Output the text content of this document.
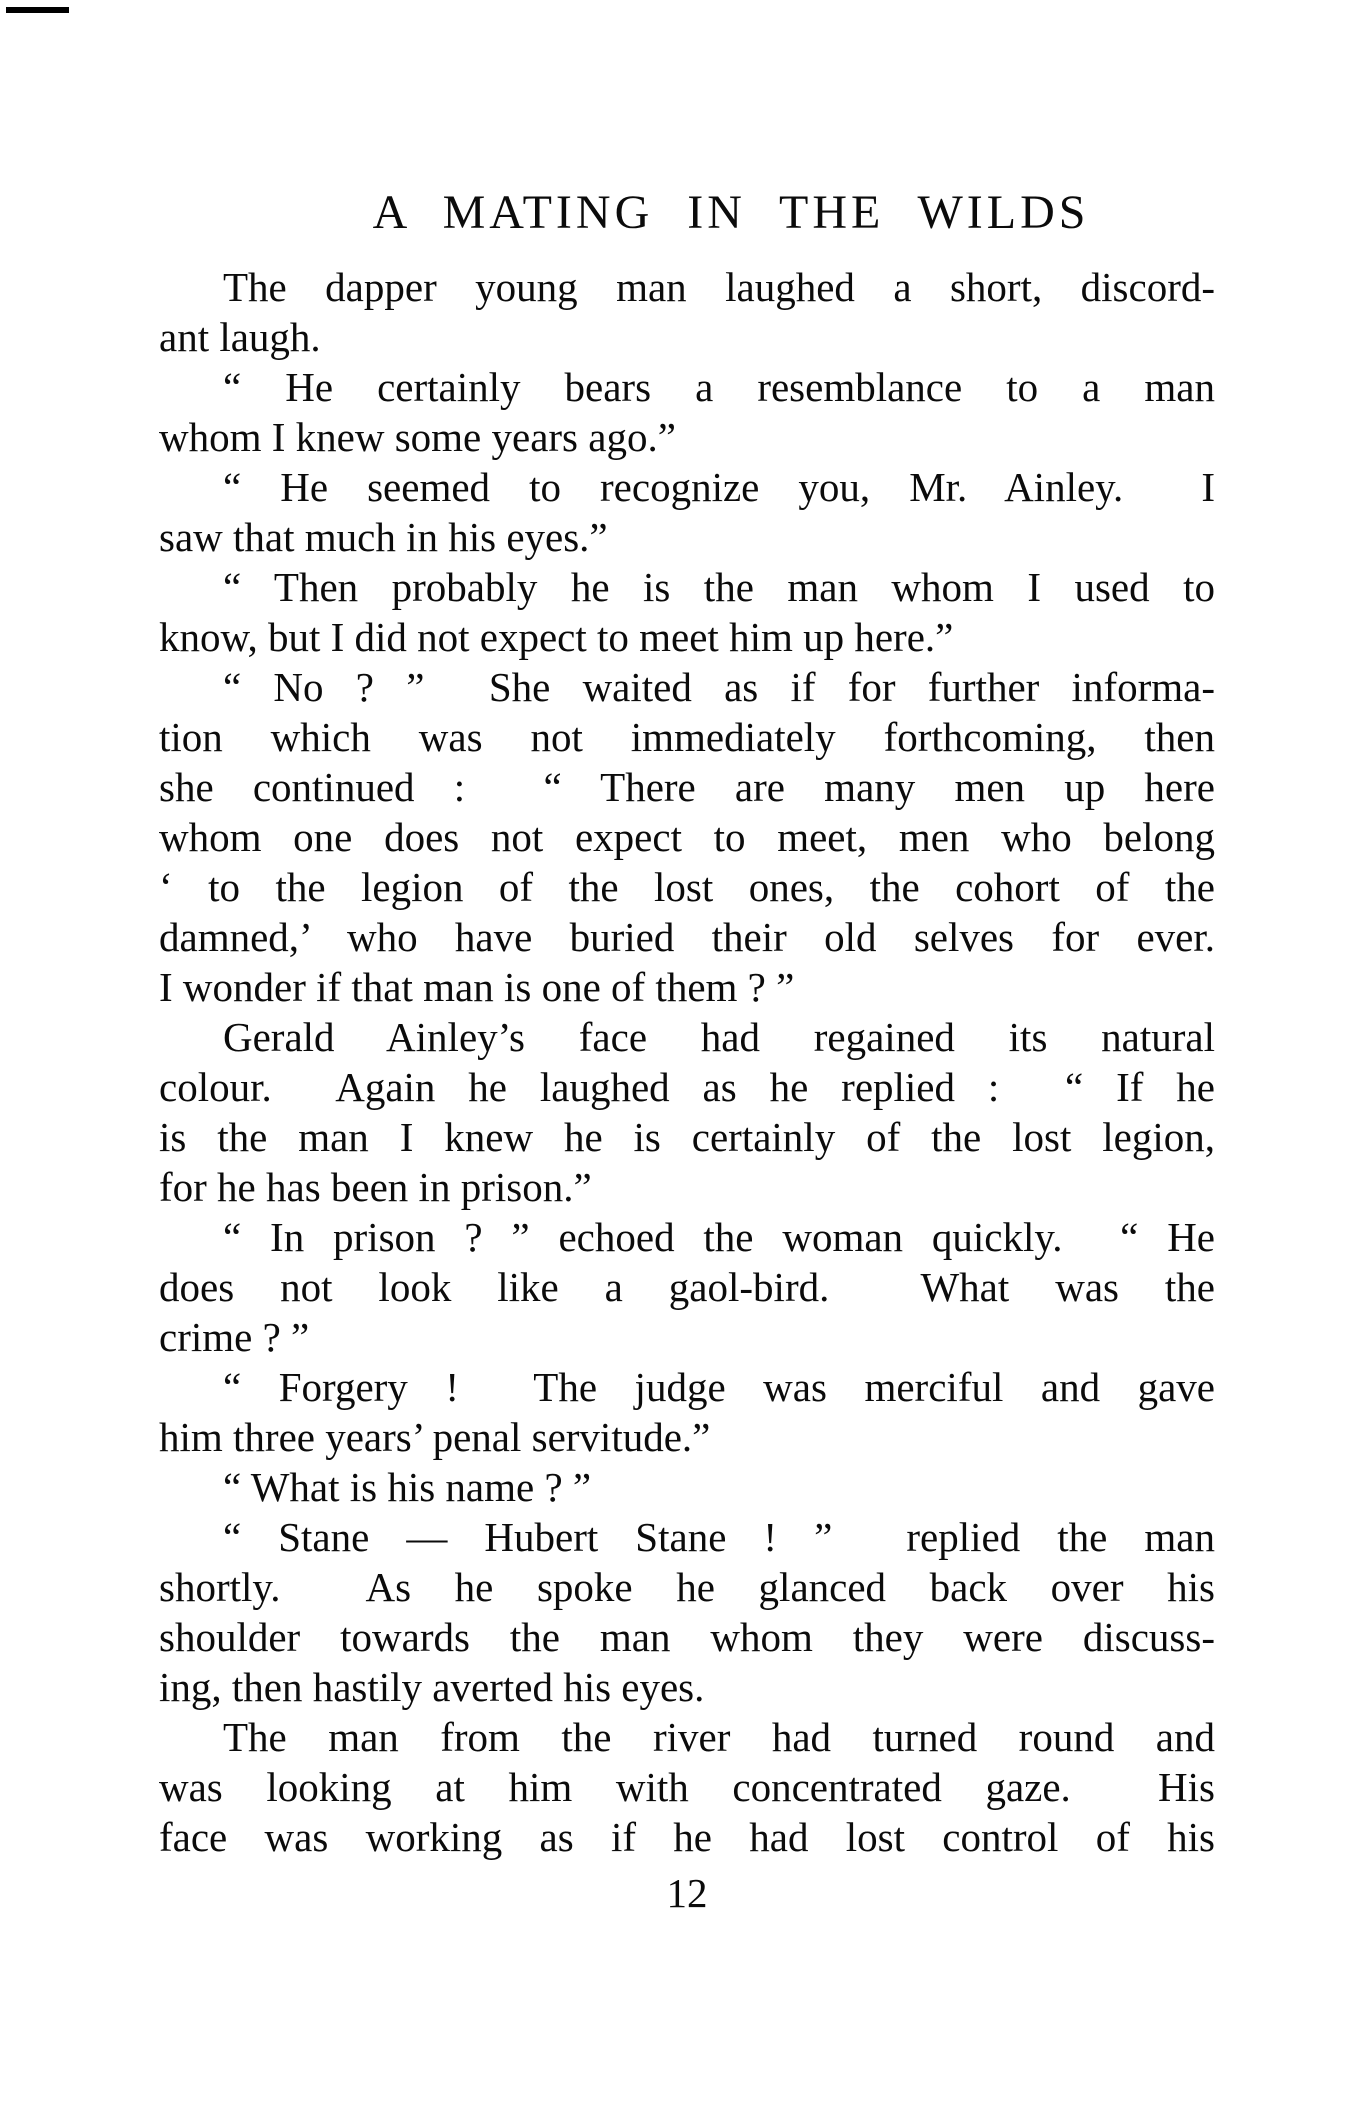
A MATING IN THE WILDS
The dapper young man laughed a short, discord-
ant laugh.
“ He certainly bears a resemblance to a man
whom I knew some years ago.”
“ He seemed to recognize you, Mr. Ainley.  I
saw that much in his eyes.”
“ Then probably he is the man whom I used to
know, but I did not expect to meet him up here.”
“ No ? ”  She waited as if for further informa-
tion which was not immediately forthcoming, then
she continued :  “ There are many men up here
whom one does not expect to meet, men who belong
‘ to the legion of the lost ones, the cohort of the
damned,’ who have buried their old selves for ever.
I wonder if that man is one of them ? ”
Gerald Ainley’s face had regained its natural
colour.  Again he laughed as he replied :  “ If he
is the man I knew he is certainly of the lost legion,
for he has been in prison.”
“ In prison ? ” echoed the woman quickly.  “ He
does not look like a gaol-bird.  What was the
crime ? ”
“ Forgery !  The judge was merciful and gave
him three years’ penal servitude.”
“ What is his name ? ”
“ Stane — Hubert Stane ! ”  replied the man
shortly.  As he spoke he glanced back over his
shoulder towards the man whom they were discuss-
ing, then hastily averted his eyes.
The man from the river had turned round and
was looking at him with concentrated gaze.  His
face was working as if he had lost control of his
12
